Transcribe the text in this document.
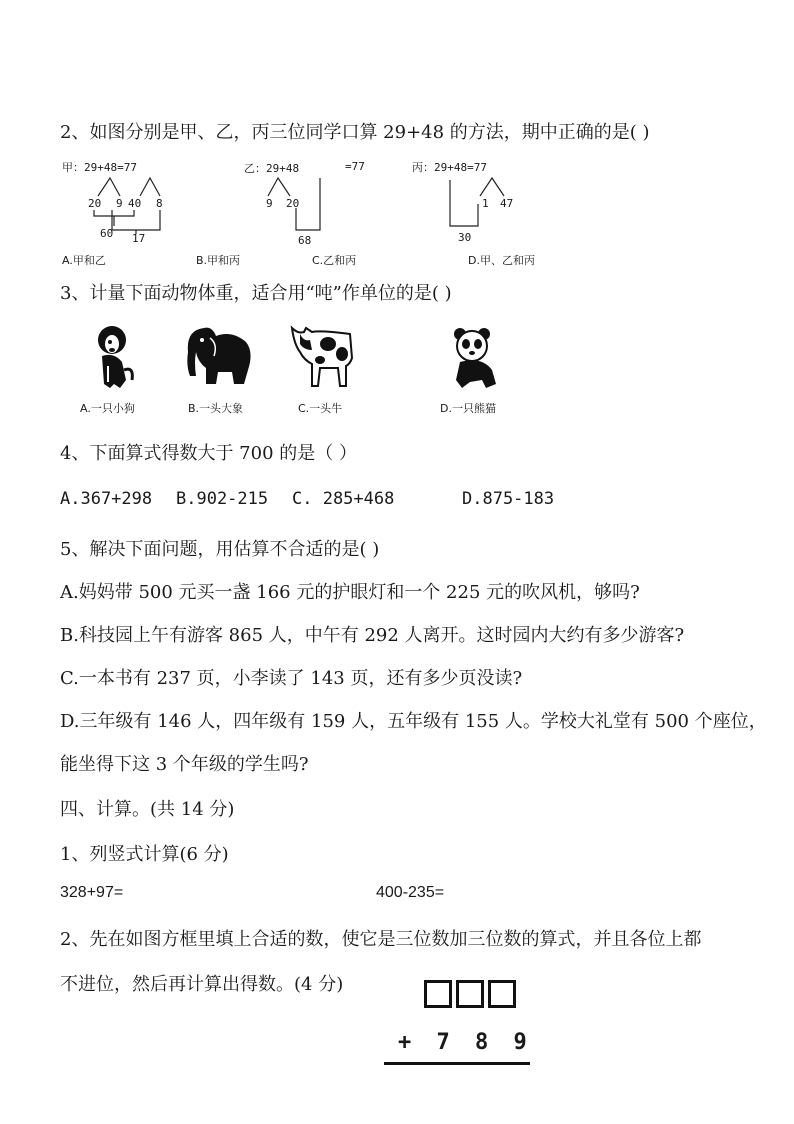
2、如图分别是甲、乙，丙三位同学口算 29+48 的方法，期中正确的是( )
甲：29+48=77
20 9 40 8
60 17
乙：29+48	=77
9 20
68
丙：29+48=77
1 47
30
A.甲和乙	B.甲和丙	C.乙和丙	D.甲、乙和丙
3、计量下面动物体重，适合用“吨”作单位的是( )
A.一只小狗	B.一头大象	C.一头牛	D.一只熊猫
4、下面算式得数大于 700 的是（ ）
A.367+298 B.902-215 C. 285+468	D.875-183
5、解决下面问题，用估算不合适的是( )
A.妈妈带 500 元买一盏 166 元的护眼灯和一个 225 元的吹风机，够吗?
B.科技园上午有游客 865 人，中午有 292 人离开。这时园内大约有多少游客?
C.一本书有 237 页，小李读了 143 页，还有多少页没读?
D.三年级有 146 人，四年级有 159 人，五年级有 155 人。学校大礼堂有 500 个座位，
能坐得下这 3 个年级的学生吗?
四、计算。(共 14 分)
1、列竖式计算(6 分)
328+97=	400-235=
2、先在如图方框里填上合适的数，使它是三位数加三位数的算式，并且各位上都
不进位，然后再计算出得数。(4 分)
+ 7 8 9
